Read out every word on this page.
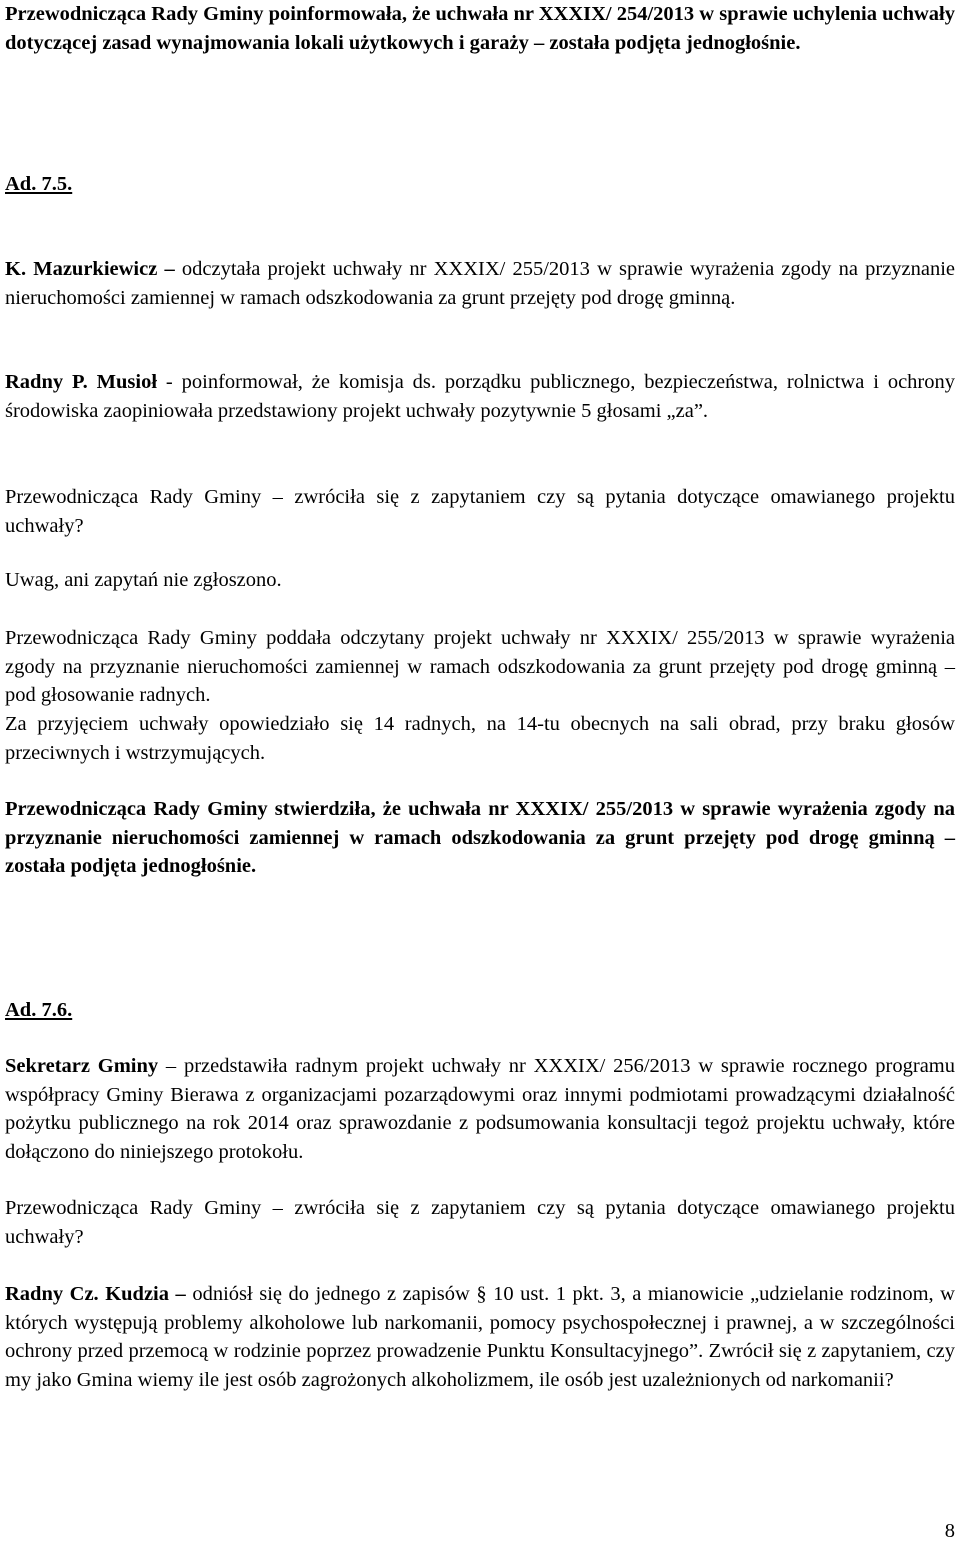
Przewodnicząca Rady Gminy poinformowała, że uchwała nr XXXIX/ 254/2013 w sprawie uchylenia uchwały dotyczącej zasad wynajmowania lokali użytkowych i garaży – została podjęta jednogłośnie.

Ad. 7.5.

K. Mazurkiewicz – odczytała projekt uchwały nr XXXIX/ 255/2013 w sprawie wyrażenia zgody na przyznanie nieruchomości zamiennej w ramach odszkodowania za grunt przejęty pod drogę gminną.

Radny P. Musioł - poinformował, że komisja ds. porządku publicznego, bezpieczeństwa, rolnictwa i ochrony środowiska zaopiniowała przedstawiony projekt uchwały pozytywnie 5 głosami „za”.

Przewodnicząca Rady Gminy – zwróciła się z zapytaniem czy są pytania dotyczące omawianego projektu uchwały?

Uwag, ani zapytań nie zgłoszono.

Przewodnicząca Rady Gminy poddała odczytany projekt uchwały nr XXXIX/ 255/2013 w sprawie wyrażenia zgody na przyznanie nieruchomości zamiennej w ramach odszkodowania za grunt przejęty pod drogę gminną – pod głosowanie radnych.

Za przyjęciem uchwały opowiedziało się 14 radnych, na 14-tu obecnych na sali obrad, przy braku głosów przeciwnych i wstrzymujących.

Przewodnicząca Rady Gminy stwierdziła, że uchwała nr XXXIX/ 255/2013 w sprawie wyrażenia zgody na przyznanie nieruchomości zamiennej w ramach odszkodowania za grunt przejęty pod drogę gminną – została podjęta jednogłośnie.

Ad. 7.6.

Sekretarz Gminy – przedstawiła radnym projekt uchwały nr XXXIX/ 256/2013 w sprawie rocznego programu współpracy Gminy Bierawa z organizacjami pozarządowymi oraz innymi podmiotami prowadzącymi działalność pożytku publicznego na rok 2014 oraz sprawozdanie z podsumowania konsultacji tegoż projektu uchwały, które dołączono do niniejszego protokołu.

Przewodnicząca Rady Gminy – zwróciła się z zapytaniem czy są pytania dotyczące omawianego projektu uchwały?

Radny Cz. Kudzia – odniósł się do jednego z zapisów § 10 ust. 1 pkt. 3, a mianowicie „udzielanie rodzinom, w których występują problemy alkoholowe lub narkomanii, pomocy psychospołecznej i prawnej, a w szczególności ochrony przed przemocą w rodzinie poprzez prowadzenie Punktu Konsultacyjnego”. Zwrócił się z zapytaniem, czy my jako Gmina wiemy ile jest osób zagrożonych alkoholizmem, ile osób jest uzależnionych od narkomanii?

8
